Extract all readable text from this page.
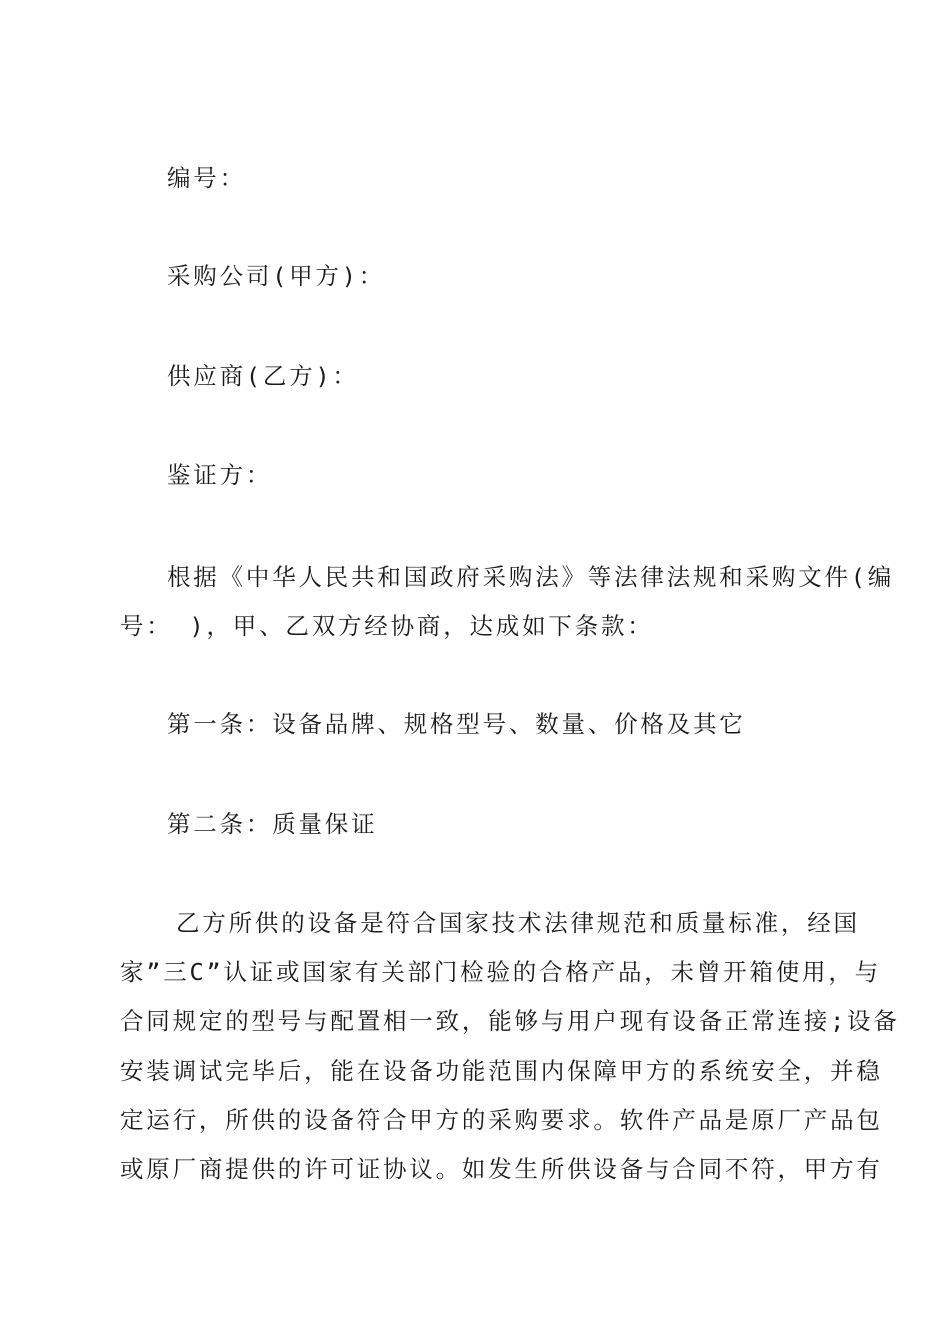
编号：

采购公司(甲方)：

供应商(乙方)：

鉴证方：

根据《中华人民共和国政府采购法》等法律法规和采购文件(编

号： )，甲、乙双方经协商，达成如下条款：

第一条：设备品牌、规格型号、数量、价格及其它

第二条：质量保证

乙方所供的设备是符合国家技术法律规范和质量标准，经国

家”三C”认证或国家有关部门检验的合格产品，未曾开箱使用，与

合同规定的型号与配置相一致，能够与用户现有设备正常连接;设备

安装调试完毕后，能在设备功能范围内保障甲方的系统安全，并稳

定运行，所供的设备符合甲方的采购要求。软件产品是原厂产品包

或原厂商提供的许可证协议。如发生所供设备与合同不符，甲方有
